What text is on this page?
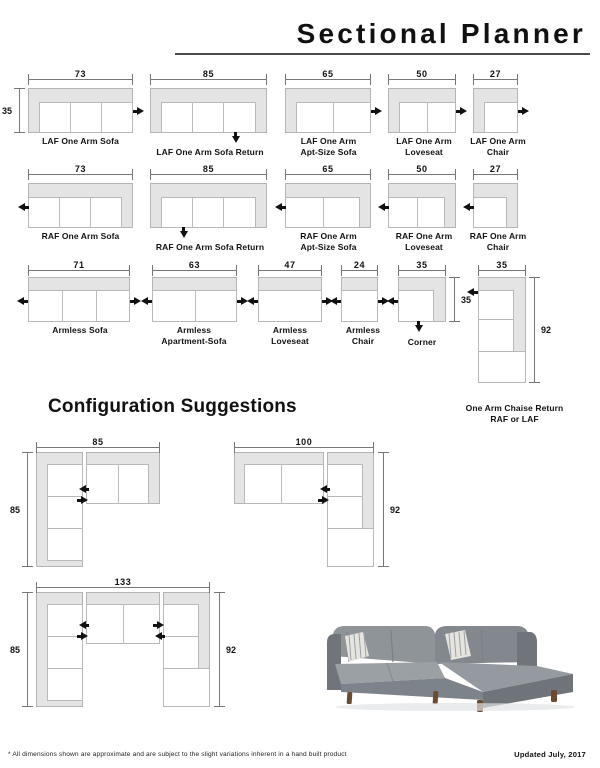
Sectional Planner
73
35
LAF One Arm Sofa
85
LAF One Arm Sofa Return
65
LAF One Arm
Apt-Size Sofa
50
LAF One Arm
Loveseat
27
LAF One Arm
Chair
73
RAF One Arm Sofa
85
RAF One Arm Sofa Return
65
RAF One Arm
Apt-Size Sofa
50
RAF One Arm
Loveseat
27
RAF One Arm
Chair
71
Armless Sofa
63
Armless
Apartment-Sofa
47
Armless
Loveseat
24
Armless
Chair
35
35
Corner
35
92
One Arm Chaise Return
RAF or LAF
Configuration Suggestions
85
85
100
92
133
85	92
* All dimensions shown are approximate and are subject to the slight variations inherent in a hand built product	Updated July, 2017
